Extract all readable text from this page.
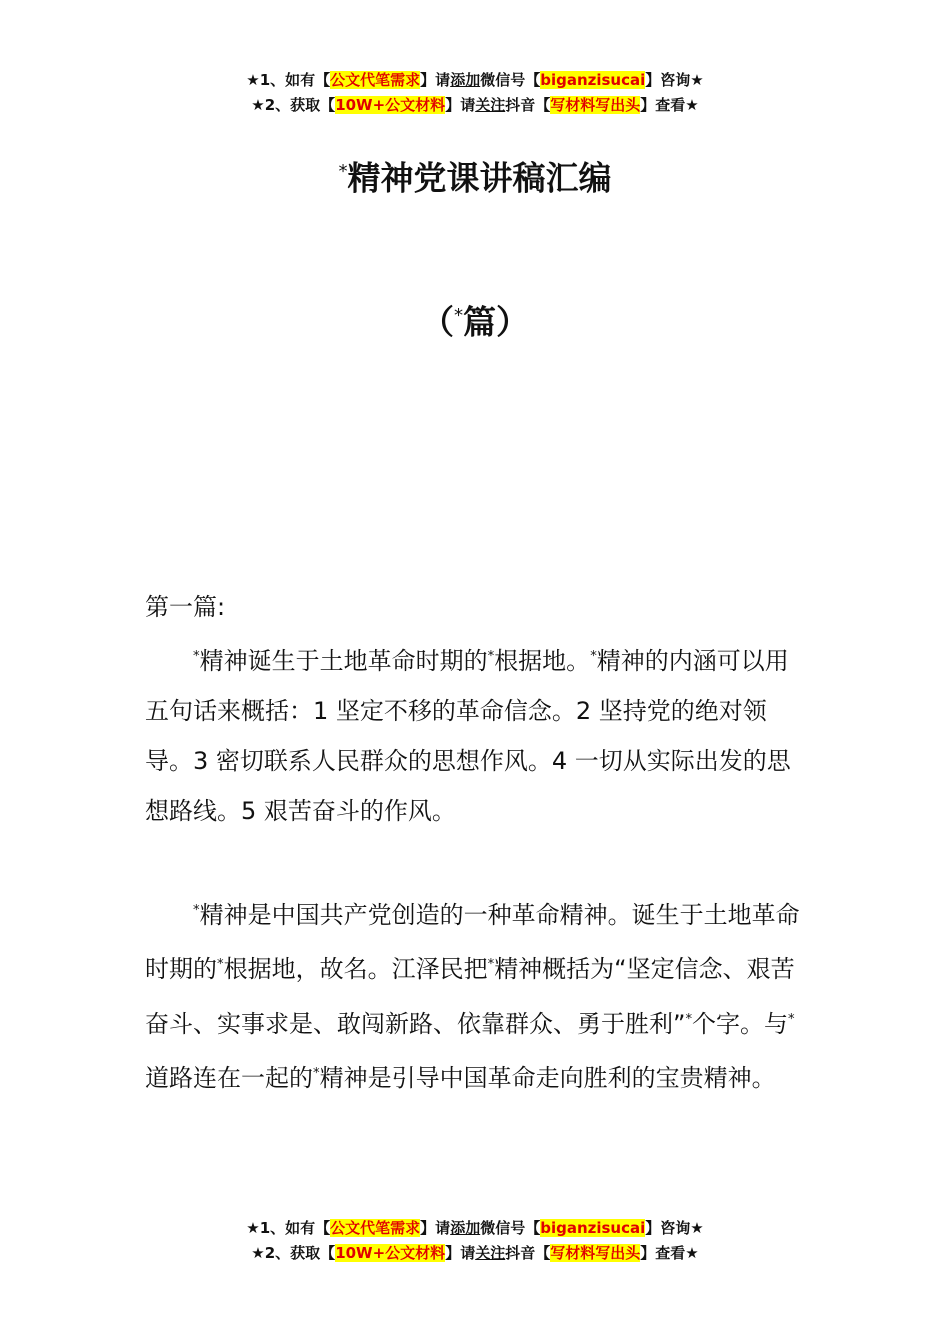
★1、如有【公文代笔需求】请添加微信号【biganzisucai】咨询★
★2、获取【10W+公文材料】请关注抖音【写材料写出头】查看★
*精神党课讲稿汇编
（*篇）

第一篇:

*精神诞生于土地革命时期的*根据地。*精神的内涵可以用五句话来概括：1 坚定不移的革命信念。2 坚持党的绝对领导。3 密切联系人民群众的思想作风。4 一切从实际出发的思想路线。5 艰苦奋斗的作风。

*精神是中国共产党创造的一种革命精神。诞生于土地革命时期的*根据地，故名。江泽民把*精神概括为“坚定信念、艰苦奋斗、实事求是、敢闯新路、依靠群众、勇于胜利”*个字。与*道路连在一起的*精神是引导中国革命走向胜利的宝贵精神。

★1、如有【公文代笔需求】请添加微信号【biganzisucai】咨询★
★2、获取【10W+公文材料】请关注抖音【写材料写出头】查看★
